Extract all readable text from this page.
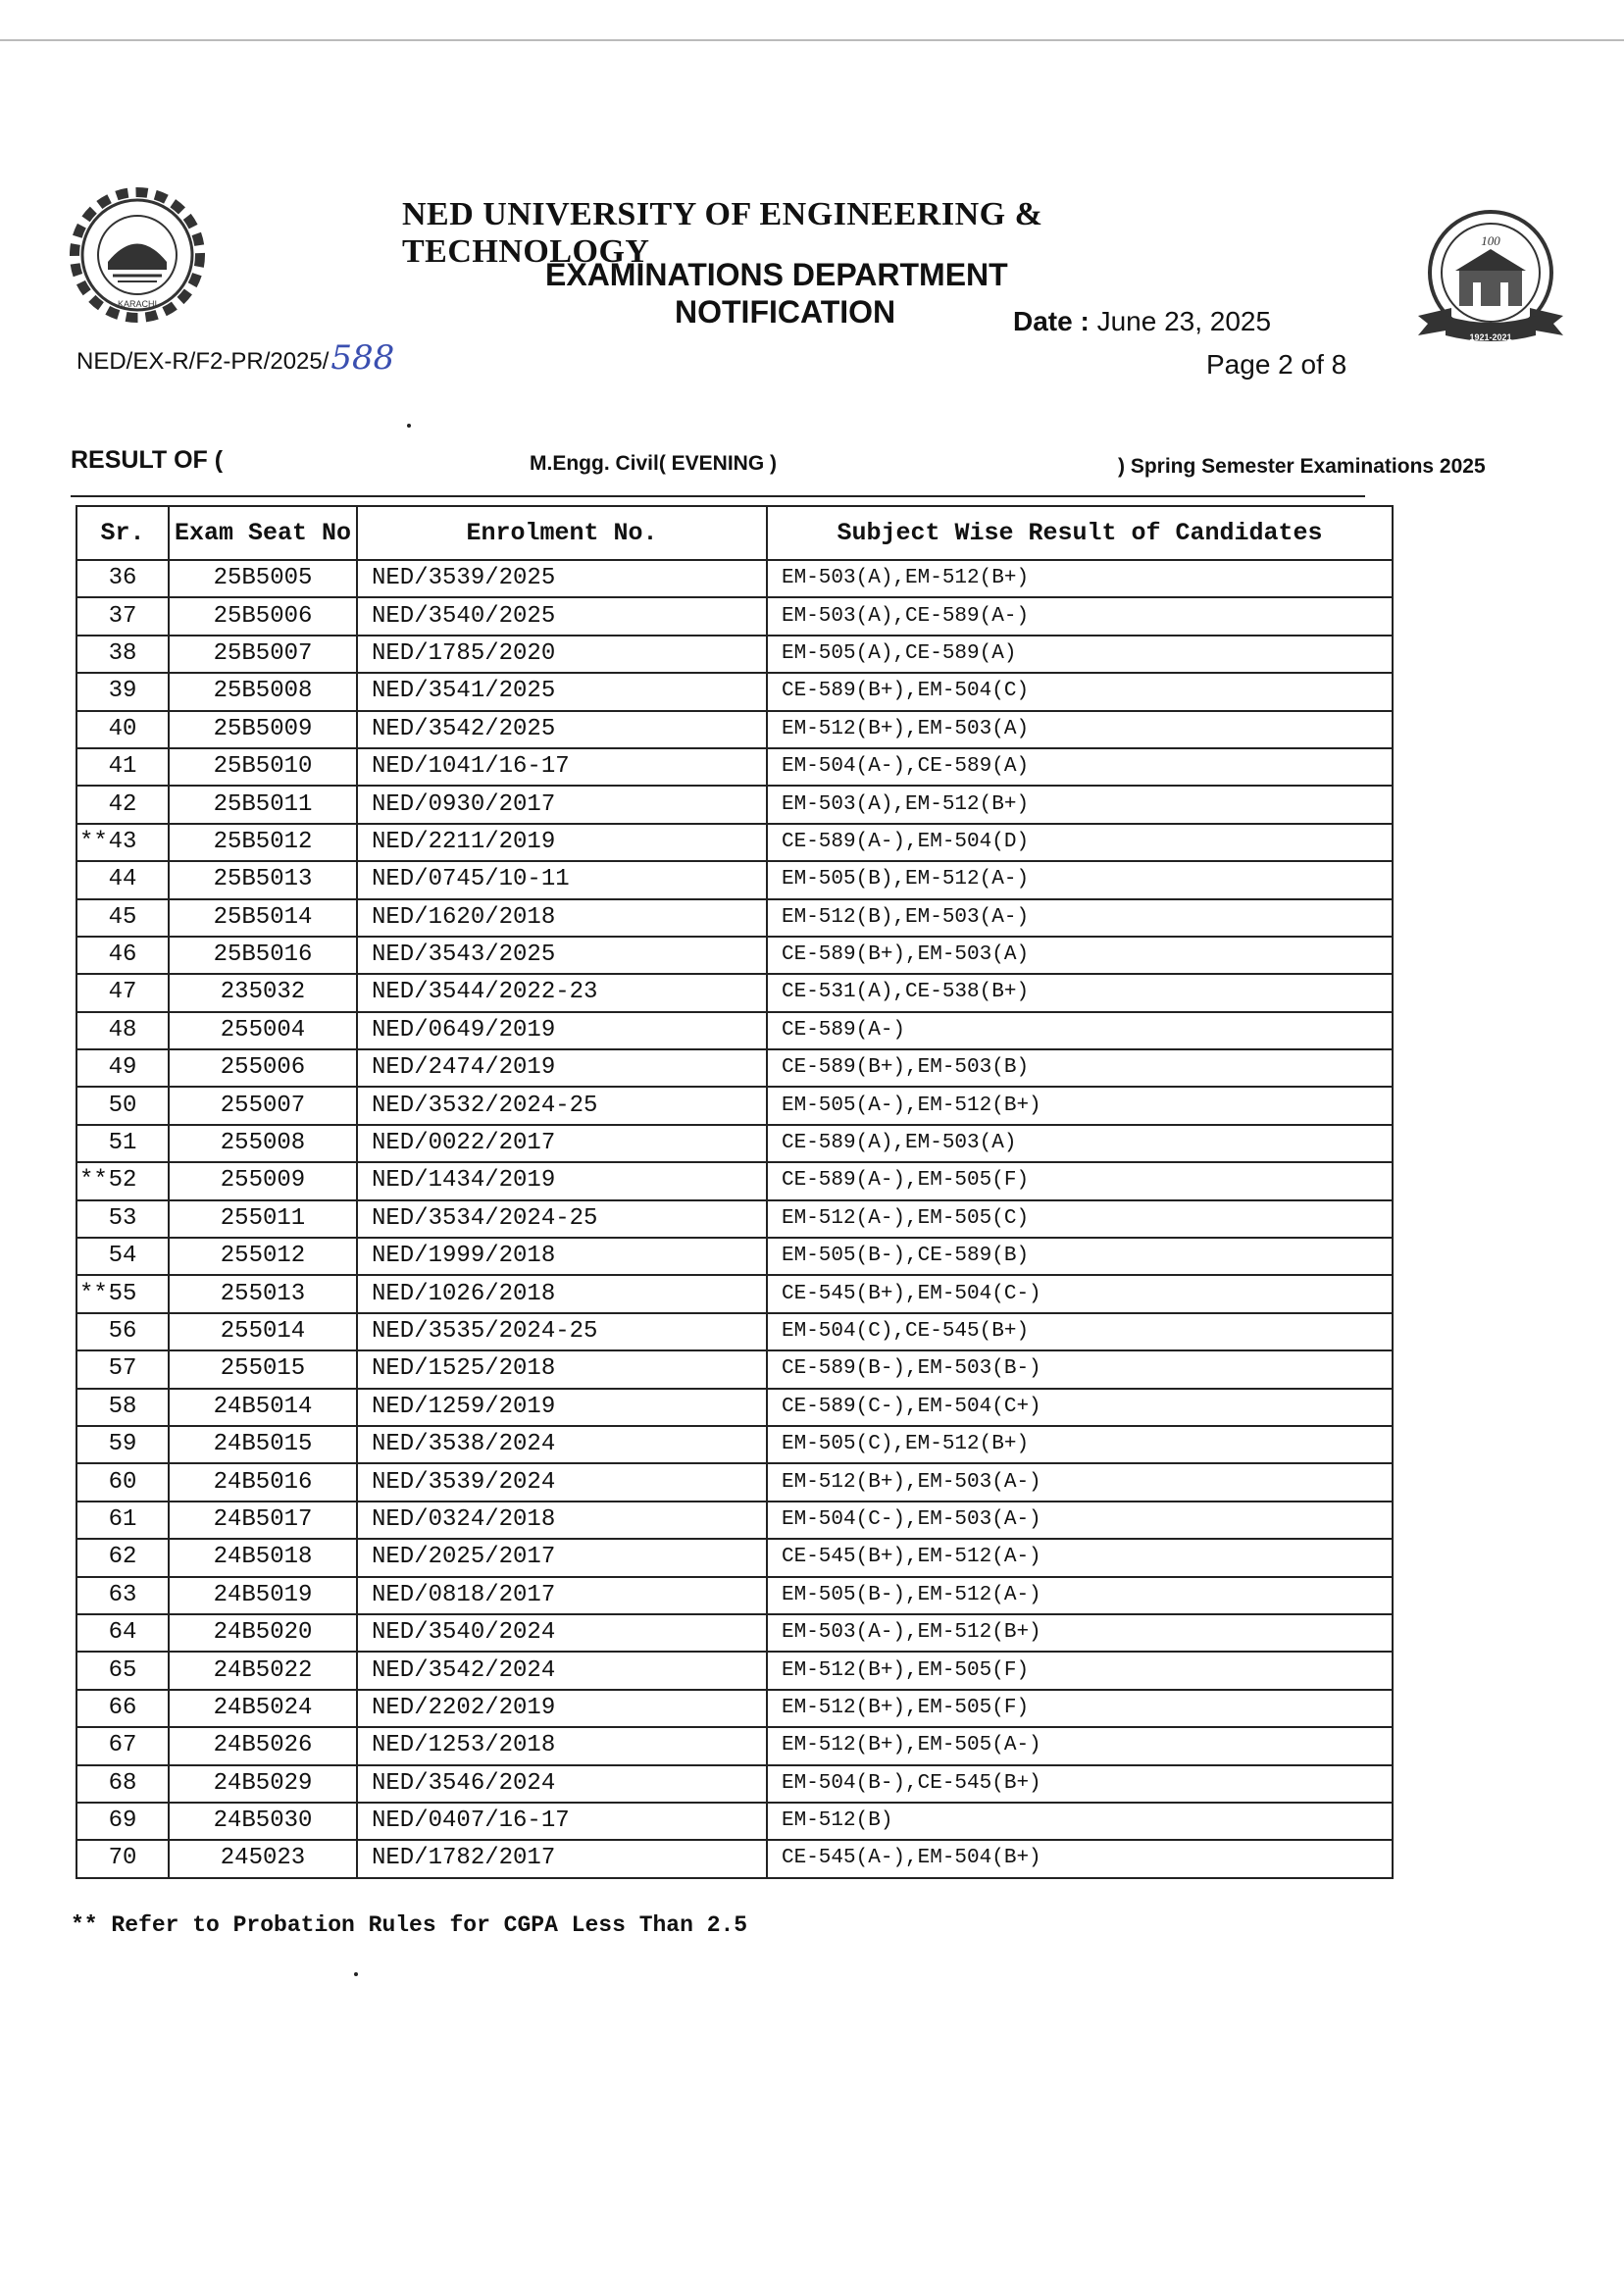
KARACHI
100
1921-2021
NED UNIVERSITY OF ENGINEERING & TECHNOLOGY
EXAMINATIONS DEPARTMENT
NOTIFICATION	Date : June 23, 2025
Page 2 of 8
NED/EX-R/F2-PR/2025/588
RESULT OF (	M.Engg. Civil( EVENING )	) Spring Semester Examinations 2025
Sr.	Exam Seat No	Enrolment No.	Subject Wise Result of Candidates

36	25B5005	NED/3539/2025	EM-503(A),EM-512(B+)

37	25B5006	NED/3540/2025	EM-503(A),CE-589(A-)

38	25B5007	NED/1785/2020	EM-505(A),CE-589(A)

39	25B5008	NED/3541/2025	CE-589(B+),EM-504(C)

40	25B5009	NED/3542/2025	EM-512(B+),EM-503(A)

41	25B5010	NED/1041/16-17	EM-504(A-),CE-589(A)

42	25B5011	NED/0930/2017	EM-503(A),EM-512(B+)

** 43	25B5012	NED/2211/2019	CE-589(A-),EM-504(D)

44	25B5013	NED/0745/10-11	EM-505(B),EM-512(A-)

45	25B5014	NED/1620/2018	EM-512(B),EM-503(A-)

46	25B5016	NED/3543/2025	CE-589(B+),EM-503(A)

47	235032	NED/3544/2022-23	CE-531(A),CE-538(B+)

48	255004	NED/0649/2019	CE-589(A-)

49	255006	NED/2474/2019	CE-589(B+),EM-503(B)

50	255007	NED/3532/2024-25	EM-505(A-),EM-512(B+)

51	255008	NED/0022/2017	CE-589(A),EM-503(A)

** 52	255009	NED/1434/2019	CE-589(A-),EM-505(F)

53	255011	NED/3534/2024-25	EM-512(A-),EM-505(C)

54	255012	NED/1999/2018	EM-505(B-),CE-589(B)

** 55	255013	NED/1026/2018	CE-545(B+),EM-504(C-)

56	255014	NED/3535/2024-25	EM-504(C),CE-545(B+)

57	255015	NED/1525/2018	CE-589(B-),EM-503(B-)

58	24B5014	NED/1259/2019	CE-589(C-),EM-504(C+)

59	24B5015	NED/3538/2024	EM-505(C),EM-512(B+)

60	24B5016	NED/3539/2024	EM-512(B+),EM-503(A-)

61	24B5017	NED/0324/2018	EM-504(C-),EM-503(A-)

62	24B5018	NED/2025/2017	CE-545(B+),EM-512(A-)

63	24B5019	NED/0818/2017	EM-505(B-),EM-512(A-)

64	24B5020	NED/3540/2024	EM-503(A-),EM-512(B+)

65	24B5022	NED/3542/2024	EM-512(B+),EM-505(F)

66	24B5024	NED/2202/2019	EM-512(B+),EM-505(F)

67	24B5026	NED/1253/2018	EM-512(B+),EM-505(A-)

68	24B5029	NED/3546/2024	EM-504(B-),CE-545(B+)

69	24B5030	NED/0407/16-17	EM-512(B)

70	245023	NED/1782/2017	CE-545(A-),EM-504(B+)
** Refer to Probation Rules for CGPA Less Than 2.5
